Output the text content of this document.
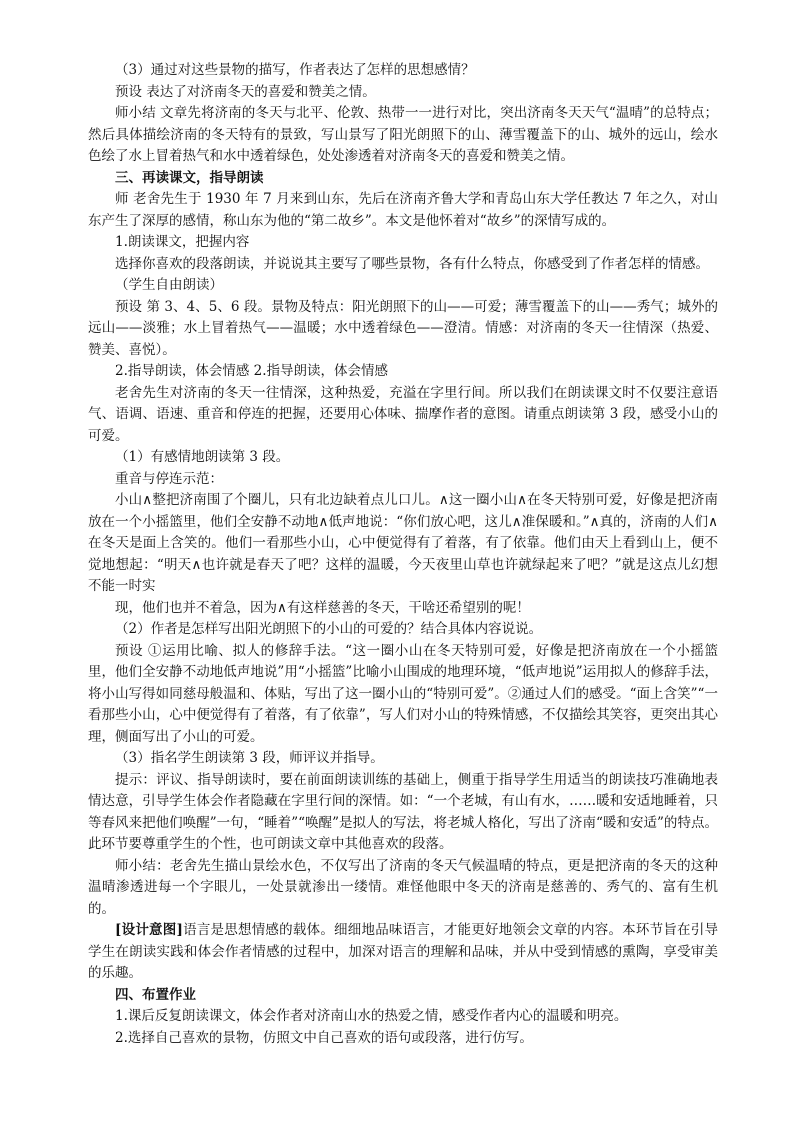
（3）通过对这些景物的描写，作者表达了怎样的思想感情？

预设 表达了对济南冬天的喜爱和赞美之情。

师小结 文章先将济南的冬天与北平、伦敦、热带一一进行对比，突出济南冬天天气“温晴”的总特点；然后具体描绘济南的冬天特有的景致，写山景写了阳光朗照下的山、薄雪覆盖下的山、城外的远山，绘水色绘了水上冒着热气和水中透着绿色，处处渗透着对济南冬天的喜爱和赞美之情。

三、再读课文，指导朗读

师 老舍先生于 1930 年 7 月来到山东，先后在济南齐鲁大学和青岛山东大学任教达 7 年之久，对山东产生了深厚的感情，称山东为他的“第二故乡”。本文是他怀着对“故乡”的深情写成的。

1.朗读课文，把握内容

选择你喜欢的段落朗读，并说说其主要写了哪些景物，各有什么特点，你感受到了作者怎样的情感。

（学生自由朗读）

预设 第 3、4、5、6 段。景物及特点：阳光朗照下的山——可爱；薄雪覆盖下的山——秀气；城外的远山——淡雅；水上冒着热气——温暖；水中透着绿色——澄清。情感：对济南的冬天一往情深（热爱、赞美、喜悦）。

2.指导朗读，体会情感 2.指导朗读，体会情感

老舍先生对济南的冬天一往情深，这种热爱，充溢在字里行间。所以我们在朗读课文时不仅要注意语气、语调、语速、重音和停连的把握，还要用心体味、揣摩作者的意图。请重点朗读第 3 段，感受小山的可爱。

（1）有感情地朗读第 3 段。

重音与停连示范：

小山∧整把济南围了个圈儿，只有北边缺着点儿口儿。∧这一圈小山∧在冬天特别可爱，好像是把济南放在一个小摇篮里，他们全安静不动地∧低声地说：“你们放心吧，这儿∧准保暖和。”∧真的，济南的人们∧在冬天是面上含笑的。他们一看那些小山，心中便觉得有了着落，有了依靠。他们由天上看到山上，便不觉地想起：“明天∧也许就是春天了吧？这样的温暖，今天夜里山草也许就绿起来了吧？”就是这点儿幻想不能一时实

现，他们也并不着急，因为∧有这样慈善的冬天，干啥还希望别的呢！

（2）作者是怎样写出阳光朗照下的小山的可爱的？结合具体内容说说。

预设 ①运用比喻、拟人的修辞手法。“这一圈小山在冬天特别可爱，好像是把济南放在一个小摇篮里，他们全安静不动地低声地说”用“小摇篮”比喻小山围成的地理环境，“低声地说”运用拟人的修辞手法，将小山写得如同慈母般温和、体贴，写出了这一圈小山的“特别可爱”。②通过人们的感受。“面上含笑”“一看那些小山，心中便觉得有了着落，有了依靠”，写人们对小山的特殊情感，不仅描绘其笑容，更突出其心理，侧面写出了小山的可爱。

（3）指名学生朗读第 3 段，师评议并指导。

提示：评议、指导朗读时，要在前面朗读训练的基础上，侧重于指导学生用适当的朗读技巧准确地表情达意，引导学生体会作者隐藏在字里行间的深情。如：“一个老城，有山有水，……暖和安适地睡着，只等春风来把他们唤醒”一句，“睡着”“唤醒”是拟人的写法，将老城人格化，写出了济南“暖和安适”的特点。此环节要尊重学生的个性，也可朗读文章中其他喜欢的段落。

师小结：老舍先生描山景绘水色，不仅写出了济南的冬天气候温晴的特点，更是把济南的冬天的这种温晴渗透进每一个字眼儿，一处景就渗出一缕情。难怪他眼中冬天的济南是慈善的、秀气的、富有生机的。

[设计意图]语言是思想情感的载体。细细地品味语言，才能更好地领会文章的内容。本环节旨在引导学生在朗读实践和体会作者情感的过程中，加深对语言的理解和品味，并从中受到情感的熏陶，享受审美的乐趣。

四、布置作业

1.课后反复朗读课文，体会作者对济南山水的热爱之情，感受作者内心的温暖和明亮。

2.选择自己喜欢的景物，仿照文中自己喜欢的语句或段落，进行仿写。
